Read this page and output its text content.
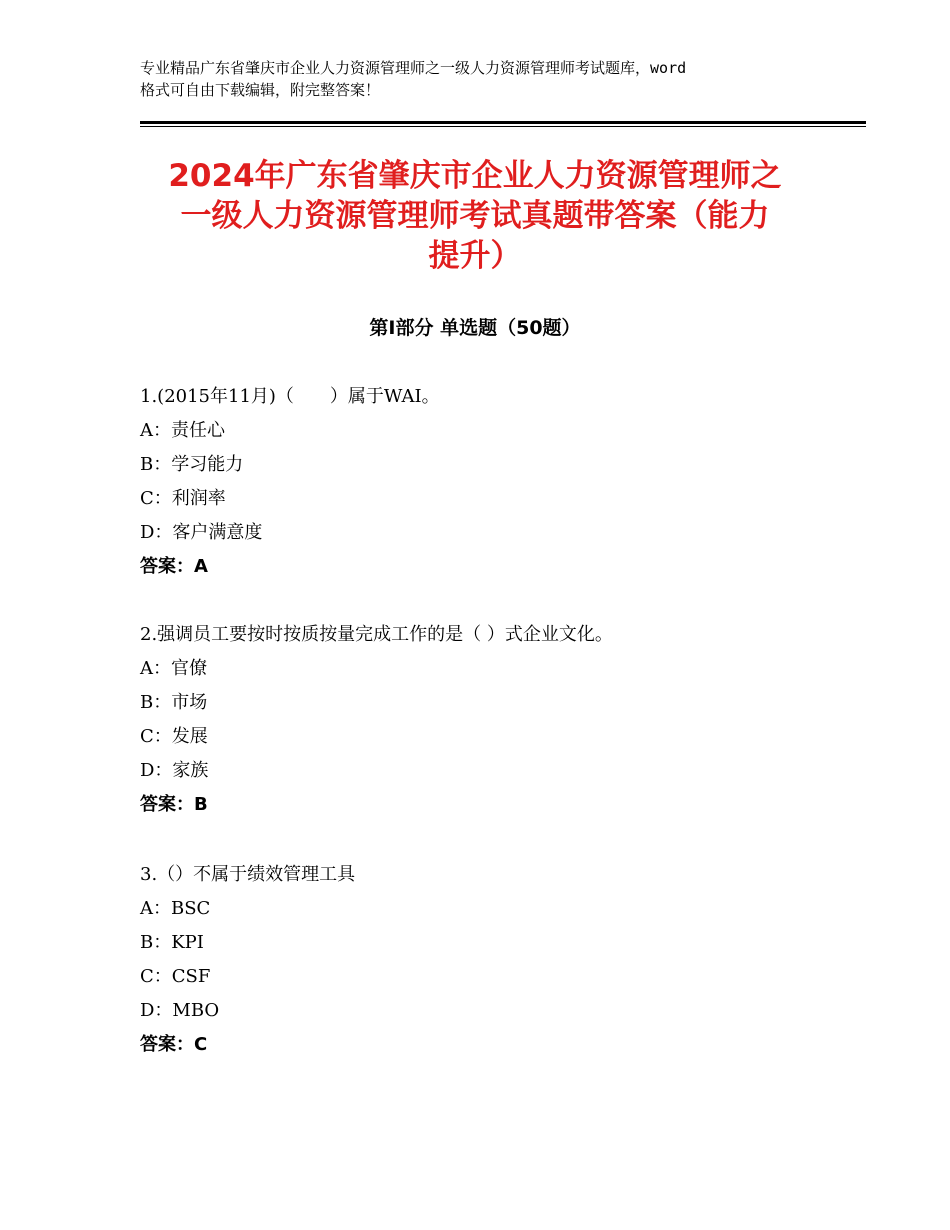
专业精品广东省肇庆市企业人力资源管理师之一级人力资源管理师考试题库，word
格式可自由下载编辑，附完整答案！
2024年广东省肇庆市企业人力资源管理师之
一级人力资源管理师考试真题带答案（能力
提升）
第Ⅰ部分 单选题（50题）
1.(2015年11月)（　　）属于WAI。
A：责任心
B：学习能力
C：利润率
D：客户满意度
答案：A
2.强调员工要按时按质按量完成工作的是（ ）式企业文化。
A：官僚
B：市场
C：发展
D：家族
答案：B
3.（）不属于绩效管理工具
A：BSC
B：KPI
C：CSF
D：MBO
答案：C
